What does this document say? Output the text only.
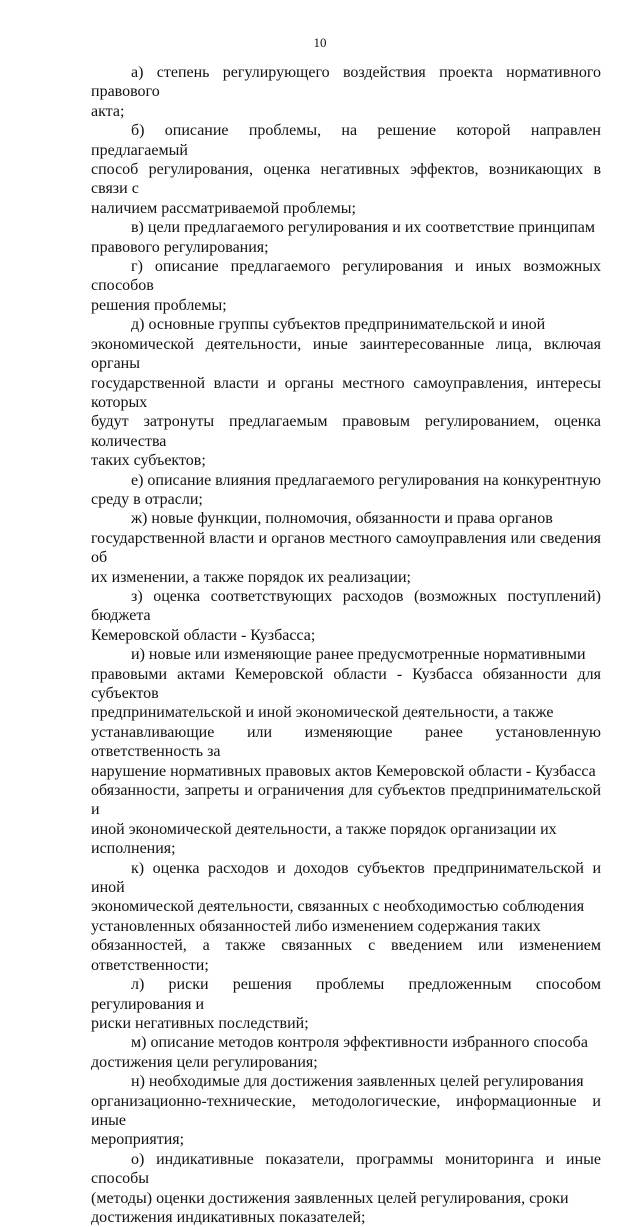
10

а) степень регулирующего воздействия проекта нормативного правового
акта;

б) описание проблемы, на решение которой направлен предлагаемый
способ регулирования, оценка негативных эффектов, возникающих в связи с
наличием рассматриваемой проблемы;

в) цели предлагаемого регулирования и их соответствие принципам
правового регулирования;

г) описание предлагаемого регулирования и иных возможных способов
решения проблемы;

д) основные группы субъектов предпринимательской и иной
экономической деятельности, иные заинтересованные лица, включая органы
государственной власти и органы местного самоуправления, интересы которых
будут затронуты предлагаемым правовым регулированием, оценка количества
таких субъектов;

е) описание влияния предлагаемого регулирования на конкурентную
среду в отрасли;

ж) новые функции, полномочия, обязанности и права органов
государственной власти и органов местного самоуправления или сведения об
их изменении, а также порядок их реализации;

з) оценка соответствующих расходов (возможных поступлений) бюджета
Кемеровской области - Кузбасса;

и) новые или изменяющие ранее предусмотренные нормативными
правовыми актами Кемеровской области - Кузбасса обязанности для субъектов
предпринимательской и иной экономической деятельности, а также
устанавливающие или изменяющие ранее установленную ответственность за
нарушение нормативных правовых актов Кемеровской области - Кузбасса
обязанности, запреты и ограничения для субъектов предпринимательской и
иной экономической деятельности, а также порядок организации их
исполнения;

к) оценка расходов и доходов субъектов предпринимательской и иной
экономической деятельности, связанных с необходимостью соблюдения
установленных обязанностей либо изменением содержания таких
обязанностей, а также связанных с введением или изменением ответственности;

л) риски решения проблемы предложенным способом регулирования и
риски негативных последствий;

м) описание методов контроля эффективности избранного способа
достижения цели регулирования;

н) необходимые для достижения заявленных целей регулирования
организационно-технические, методологические, информационные и иные
мероприятия;

о) индикативные показатели, программы мониторинга и иные способы
(методы) оценки достижения заявленных целей регулирования, сроки
достижения индикативных показателей;
